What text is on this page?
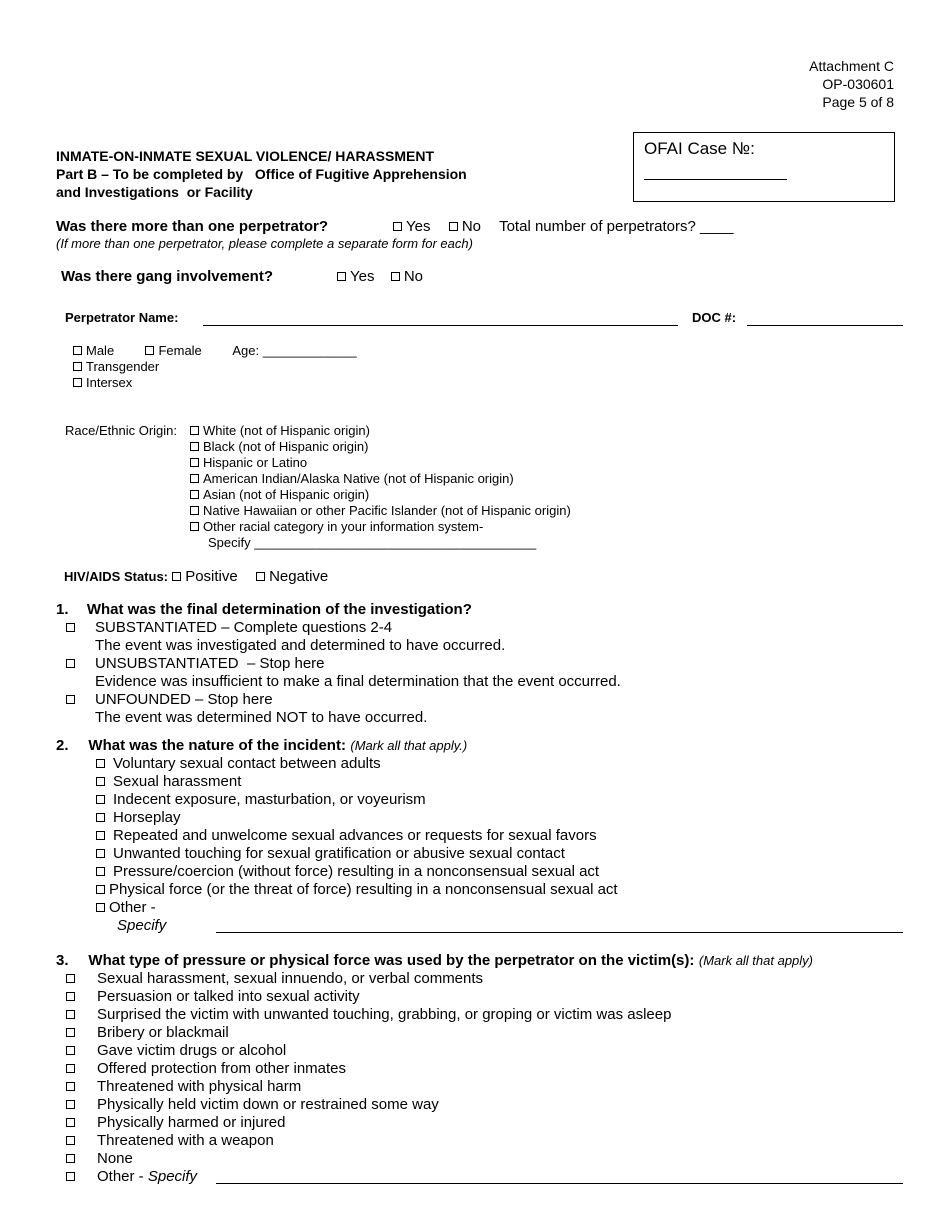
Attachment C
OP-030601
Page 5 of 8
OFAI Case №:
INMATE-ON-INMATE SEXUAL VIOLENCE/ HARASSMENT
Part B – To be completed by   Office of Fugitive Apprehension
and Investigations  or Facility
Was there more than one perpetrator?	Yes No Total number of perpetrators? ____
(If more than one perpetrator, please complete a separate form for each)
Was there gang involvement?	Yes No
Perpetrator Name:	DOC #:
Male	Female Age: _____________
Transgender
Intersex
Race/Ethnic Origin:	White (not of Hispanic origin)
Black (not of Hispanic origin)
Hispanic or Latino
American Indian/Alaska Native (not of Hispanic origin)
Asian (not of Hispanic origin)
Native Hawaiian or other Pacific Islander (not of Hispanic origin)
Other racial category in your information system-
Specify _______________________________________
HIV/AIDS Status: Positive Negative
1. What was the final determination of the investigation?
SUBSTANTIATED – Complete questions 2-4
The event was investigated and determined to have occurred.
UNSUBSTANTIATED  – Stop here
Evidence was insufficient to make a final determination that the event occurred.
UNFOUNDED – Stop here
The event was determined NOT to have occurred.
2. What was the nature of the incident: (Mark all that apply.)
Voluntary sexual contact between adults
Sexual harassment
Indecent exposure, masturbation, or voyeurism
Horseplay
Repeated and unwelcome sexual advances or requests for sexual favors
Unwanted touching for sexual gratification or abusive sexual contact
Pressure/coercion (without force) resulting in a nonconsensual sexual act
Physical force (or the threat of force) resulting in a nonconsensual sexual act
Other -
Specify
3. What type of pressure or physical force was used by the perpetrator on the victim(s): (Mark all that apply)
Sexual harassment, sexual innuendo, or verbal comments
Persuasion or talked into sexual activity
Surprised the victim with unwanted touching, grabbing, or groping or victim was asleep
Bribery or blackmail
Gave victim drugs or alcohol
Offered protection from other inmates
Threatened with physical harm
Physically held victim down or restrained some way
Physically harmed or injured
Threatened with a weapon
None
Other - Specify
